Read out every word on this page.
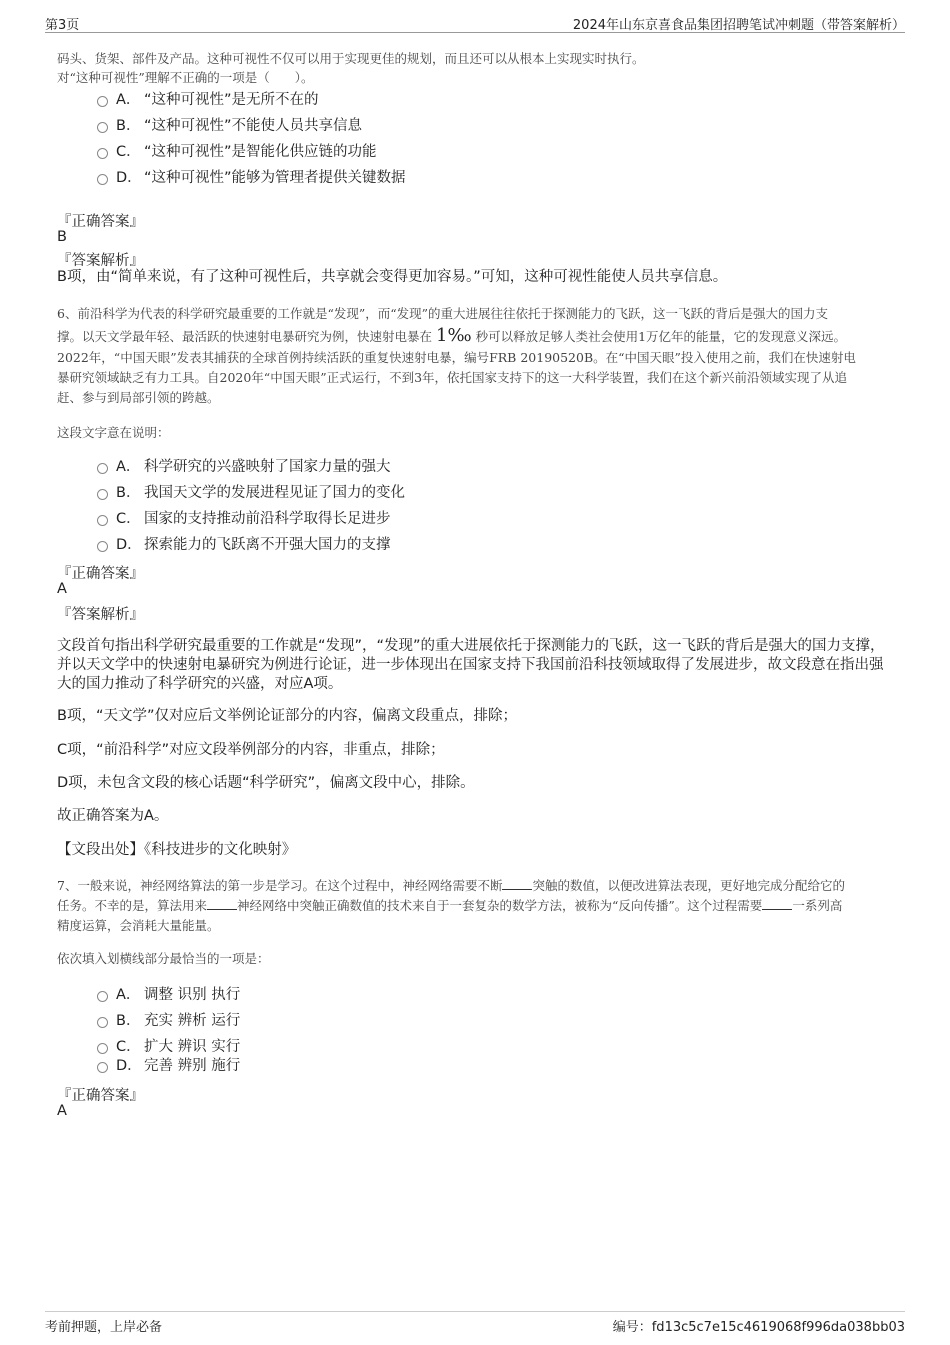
第3页	2024年山东京喜食品集团招聘笔试冲刺题（带答案解析）
码头、货架、部件及产品。这种可视性不仅可以用于实现更佳的规划，而且还可以从根本上实现实时执行。
对“这种可视性”理解不正确的一项是（　　）。
A． “这种可视性”是无所不在的
B． “这种可视性”不能使人员共享信息
C． “这种可视性”是智能化供应链的功能
D． “这种可视性”能够为管理者提供关键数据
『正确答案』
B
『答案解析』
B项，由“简单来说，有了这种可视性后，共享就会变得更加容易。”可知，这种可视性能使人员共享信息。
6、前沿科学为代表的科学研究最重要的工作就是“发现”，而“发现”的重大进展往往依托于探测能力的飞跃，这一飞跃的背后是强大的国力支
撑。以天文学最年轻、最活跃的快速射电暴研究为例，快速射电暴在 1‰ 秒可以释放足够人类社会使用1万亿年的能量，它的发现意义深远。
2022年，“中国天眼”发表其捕获的全球首例持续活跃的重复快速射电暴，编号FRB 20190520B。在“中国天眼”投入使用之前，我们在快速射电
暴研究领域缺乏有力工具。自2020年“中国天眼”正式运行，不到3年，依托国家支持下的这一大科学装置，我们在这个新兴前沿领域实现了从追
赶、参与到局部引领的跨越。
这段文字意在说明：
A． 科学研究的兴盛映射了国家力量的强大
B． 我国天文学的发展进程见证了国力的变化
C． 国家的支持推动前沿科学取得长足进步
D． 探索能力的飞跃离不开强大国力的支撑
『正确答案』
A
『答案解析』
文段首句指出科学研究最重要的工作就是“发现”，“发现”的重大进展依托于探测能力的飞跃，这一飞跃的背后是强大的国力支撑，并以天文学中的快速射电暴研究为例进行论证，进一步体现出在国家支持下我国前沿科技领域取得了发展进步，故文段意在指出强大的国力推动了科学研究的兴盛，对应A项。
B项，“天文学”仅对应后文举例论证部分的内容，偏离文段重点，排除；
C项，“前沿科学”对应文段举例部分的内容，非重点，排除；
D项，未包含文段的核心话题“科学研究”，偏离文段中心，排除。
故正确答案为A。
【文段出处】《科技进步的文化映射》
7、一般来说，神经网络算法的第一步是学习。在这个过程中，神经网络需要不断 突触的数值，以便改进算法表现，更好地完成分配给它的
任务。不幸的是，算法用来 神经网络中突触正确数值的技术来自于一套复杂的数学方法，被称为“反向传播”。这个过程需要 一系列高
精度运算，会消耗大量能量。
依次填入划横线部分最恰当的一项是：
A． 调整 识别 执行
B． 充实 辨析 运行
C． 扩大 辨识 实行
D． 完善 辨别 施行
『正确答案』
A
考前押题，上岸必备	编号：fd13c5c7e15c4619068f996da038bb03
